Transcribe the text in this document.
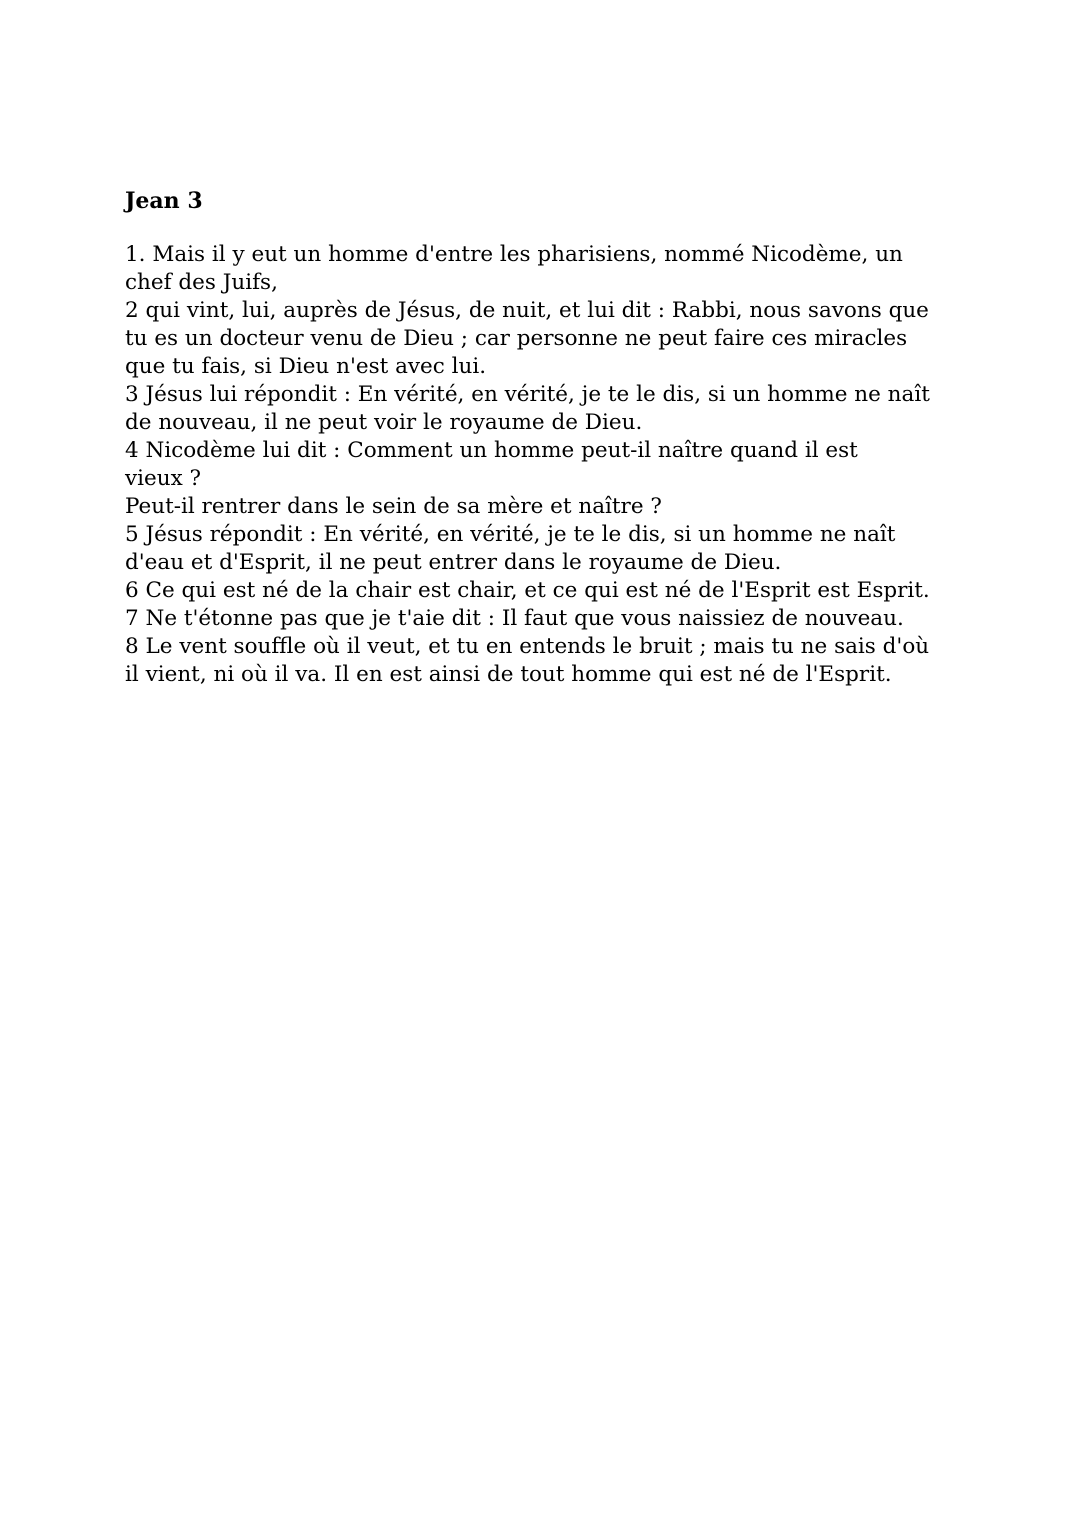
Jean 3
1. Mais il y eut un homme d'entre les pharisiens, nommé Nicodème, un
chef des Juifs,
2 qui vint, lui, auprès de Jésus, de nuit, et lui dit : Rabbi, nous savons que
tu es un docteur venu de Dieu ; car personne ne peut faire ces miracles
que tu fais, si Dieu n'est avec lui.
3 Jésus lui répondit : En vérité, en vérité, je te le dis, si un homme ne naît
de nouveau, il ne peut voir le royaume de Dieu.
4 Nicodème lui dit : Comment un homme peut-il naître quand il est
vieux ?
Peut-il rentrer dans le sein de sa mère et naître ?
5 Jésus répondit : En vérité, en vérité, je te le dis, si un homme ne naît
d'eau et d'Esprit, il ne peut entrer dans le royaume de Dieu.
6 Ce qui est né de la chair est chair, et ce qui est né de l'Esprit est Esprit.
7 Ne t'étonne pas que je t'aie dit : Il faut que vous naissiez de nouveau.
8 Le vent souffle où il veut, et tu en entends le bruit ; mais tu ne sais d'où
il vient, ni où il va. Il en est ainsi de tout homme qui est né de l'Esprit.
